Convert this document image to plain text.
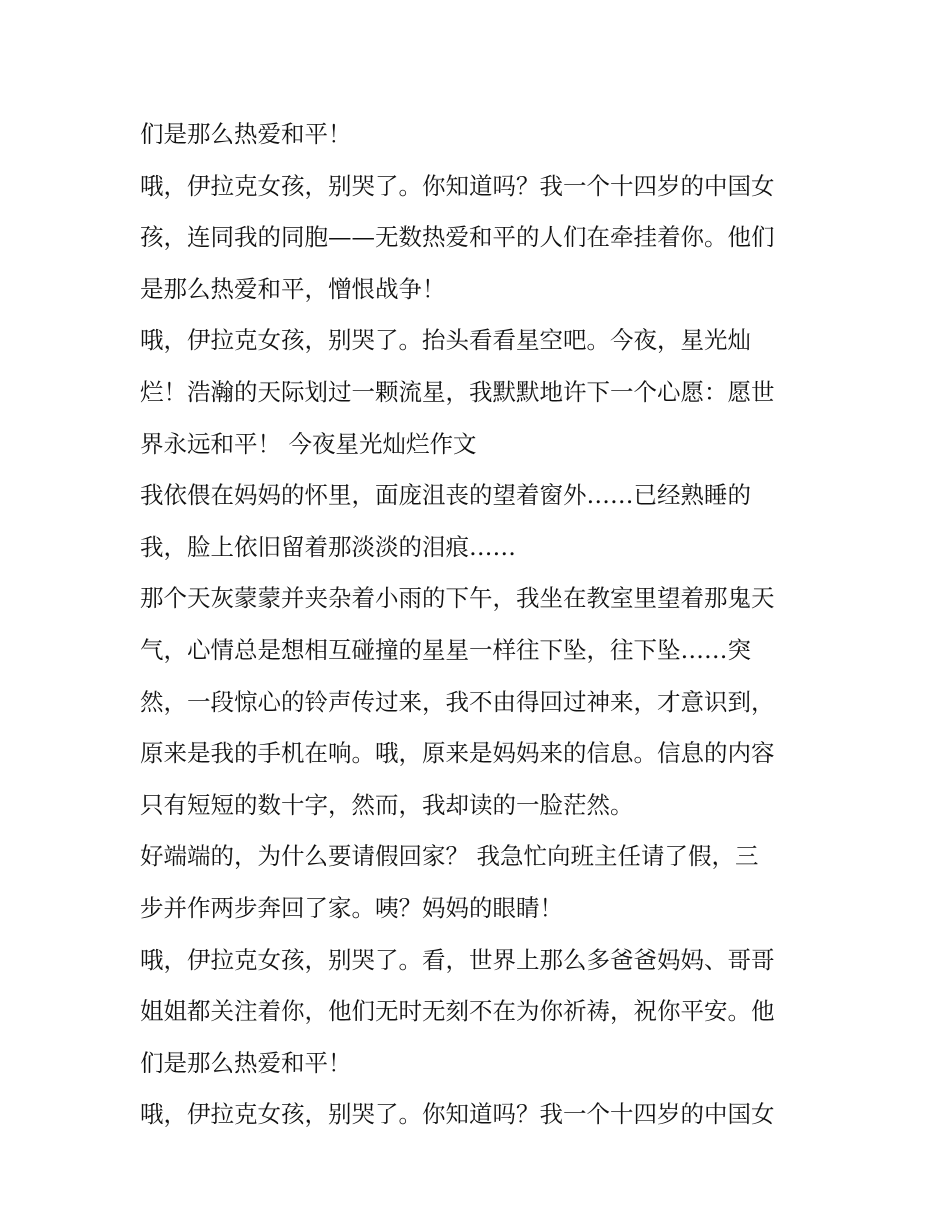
们是那么热爱和平！

哦，伊拉克女孩，别哭了。你知道吗？我一个十四岁的中国女

孩，连同我的同胞——无数热爱和平的人们在牵挂着你。他们

是那么热爱和平，憎恨战争！

哦，伊拉克女孩，别哭了。抬头看看星空吧。今夜，星光灿

烂！浩瀚的天际划过一颗流星，我默默地许下一个心愿：愿世

界永远和平！ 今夜星光灿烂作文

我依偎在妈妈的怀里，面庞沮丧的望着窗外……已经熟睡的

我，脸上依旧留着那淡淡的泪痕……

那个天灰蒙蒙并夹杂着小雨的下午，我坐在教室里望着那鬼天

气，心情总是想相互碰撞的星星一样往下坠，往下坠……突

然，一段惊心的铃声传过来，我不由得回过神来，才意识到，

原来是我的手机在响。哦，原来是妈妈来的信息。信息的内容

只有短短的数十字，然而，我却读的一脸茫然。

好端端的，为什么要请假回家？ 我急忙向班主任请了假，三

步并作两步奔回了家。咦？妈妈的眼睛！

哦，伊拉克女孩，别哭了。看，世界上那么多爸爸妈妈、哥哥

姐姐都关注着你，他们无时无刻不在为你祈祷，祝你平安。他

们是那么热爱和平！

哦，伊拉克女孩，别哭了。你知道吗？我一个十四岁的中国女
